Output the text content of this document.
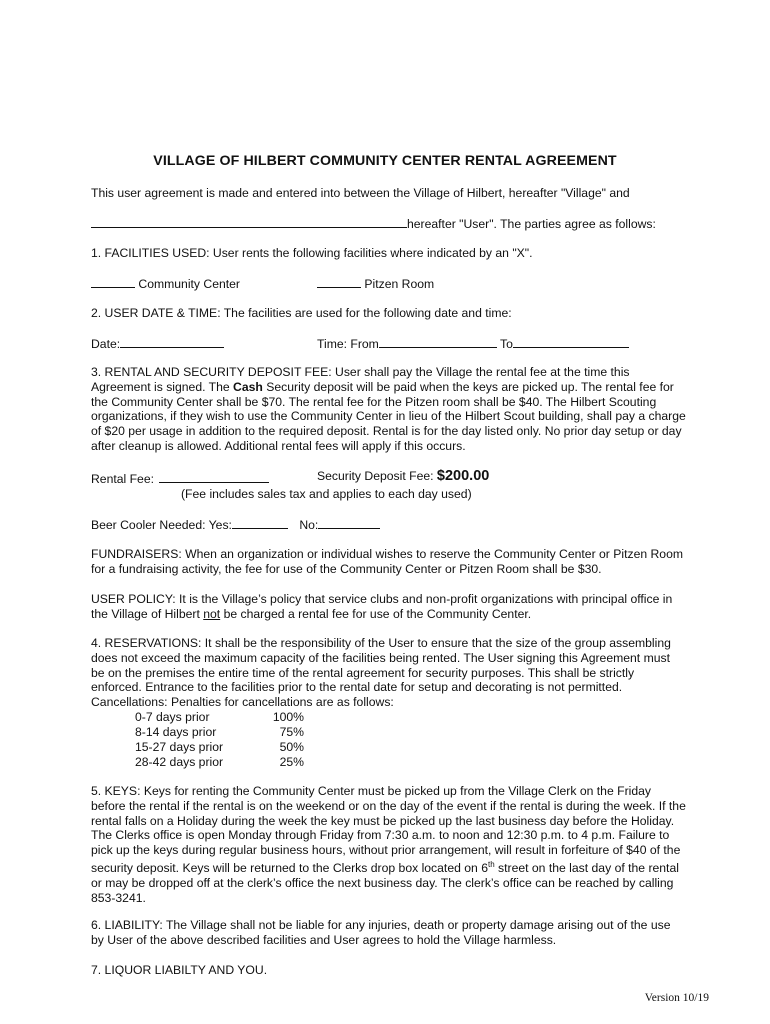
VILLAGE OF HILBERT COMMUNITY CENTER RENTAL AGREEMENT
This user agreement is made and entered into between the Village of Hilbert, hereafter "Village" and
hereafter "User". The parties agree as follows:
1. FACILITIES USED: User rents the following facilities where indicated by an "X".
Community Center	Pitzen Room
2. USER DATE & TIME: The facilities are used for the following date and time:
Date:	Time: From	To
3. RENTAL AND SECURITY DEPOSIT FEE: User shall pay the Village the rental fee at the time this
Agreement is signed. The Cash Security deposit will be paid when the keys are picked up. The rental fee for
the Community Center shall be $70. The rental fee for the Pitzen room shall be $40. The Hilbert Scouting
organizations, if they wish to use the Community Center in lieu of the Hilbert Scout building, shall pay a charge
of $20 per usage in addition to the required deposit. Rental is for the day listed only. No prior day setup or day
after cleanup is allowed. Additional rental fees will apply if this occurs.
Rental Fee:	Security Deposit Fee: $200.00
(Fee includes sales tax and applies to each day used)
Beer Cooler Needed: Yes:	No:
FUNDRAISERS: When an organization or individual wishes to reserve the Community Center or Pitzen Room
for a fundraising activity, the fee for use of the Community Center or Pitzen Room shall be $30.
USER POLICY: It is the Village’s policy that service clubs and non-profit organizations with principal office in
the Village of Hilbert not be charged a rental fee for use of the Community Center.
4. RESERVATIONS: It shall be the responsibility of the User to ensure that the size of the group assembling
does not exceed the maximum capacity of the facilities being rented. The User signing this Agreement must
be on the premises the entire time of the rental agreement for security purposes. This shall be strictly
enforced. Entrance to the facilities prior to the rental date for setup and decorating is not permitted.
Cancellations: Penalties for cancellations are as follows:
0-7 days prior	100%
8-14 days prior	75%
15-27 days prior	50%
28-42 days prior	25%
5. KEYS: Keys for renting the Community Center must be picked up from the Village Clerk on the Friday
before the rental if the rental is on the weekend or on the day of the event if the rental is during the week. If the
rental falls on a Holiday during the week the key must be picked up the last business day before the Holiday.
The Clerks office is open Monday through Friday from 7:30 a.m. to noon and 12:30 p.m. to 4 p.m. Failure to
pick up the keys during regular business hours, without prior arrangement, will result in forfeiture of $40 of the
security deposit. Keys will be returned to the Clerks drop box located on 6th street on the last day of the rental
or may be dropped off at the clerk’s office the next business day. The clerk’s office can be reached by calling
853-3241.
6. LIABILITY: The Village shall not be liable for any injuries, death or property damage arising out of the use
by User of the above described facilities and User agrees to hold the Village harmless.
7. LIQUOR LIABILTY AND YOU.
Version 10/19
